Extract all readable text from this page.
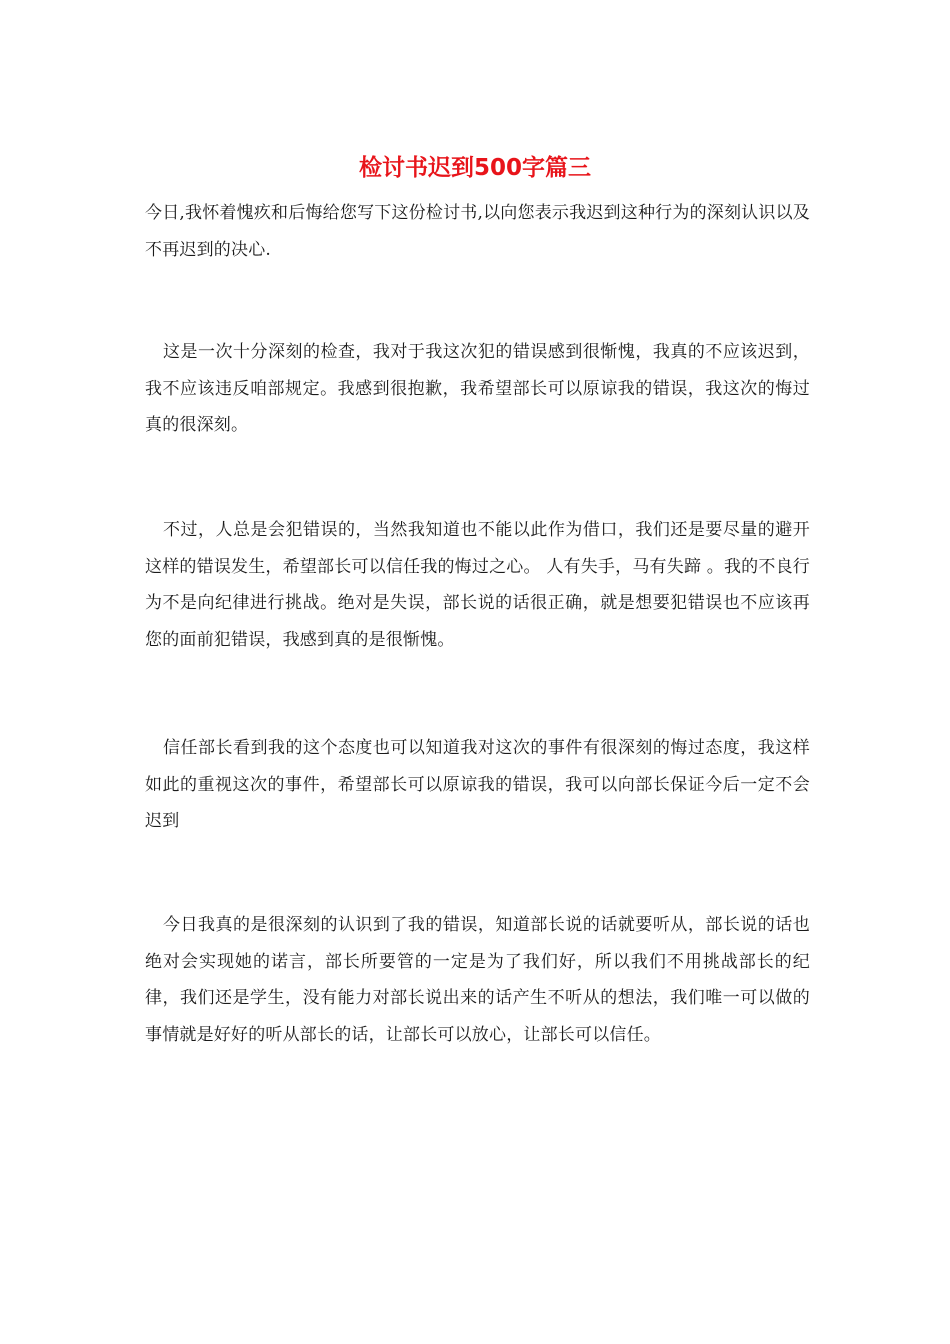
检讨书迟到500字篇三

今日,我怀着愧疚和后悔给您写下这份检讨书,以向您表示我迟到这种行为的深刻认识以及不再迟到的决心.

这是一次十分深刻的检查，我对于我这次犯的错误感到很惭愧，我真的不应该迟到，我不应该违反咱部规定。我感到很抱歉，我希望部长可以原谅我的错误，我这次的悔过真的很深刻。

不过，人总是会犯错误的，当然我知道也不能以此作为借口，我们还是要尽量的避开这样的错误发生，希望部长可以信任我的悔过之心。 人有失手，马有失蹄 。我的不良行为不是向纪律进行挑战。绝对是失误，部长说的话很正确，就是想要犯错误也不应该再您的面前犯错误，我感到真的是很惭愧。

信任部长看到我的这个态度也可以知道我对这次的事件有很深刻的悔过态度，我这样如此的重视这次的事件，希望部长可以原谅我的错误，我可以向部长保证今后一定不会迟到

今日我真的是很深刻的认识到了我的错误，知道部长说的话就要听从，部长说的话也绝对会实现她的诺言，部长所要管的一定是为了我们好，所以我们不用挑战部长的纪律，我们还是学生，没有能力对部长说出来的话产生不听从的想法，我们唯一可以做的事情就是好好的听从部长的话，让部长可以放心，让部长可以信任。
